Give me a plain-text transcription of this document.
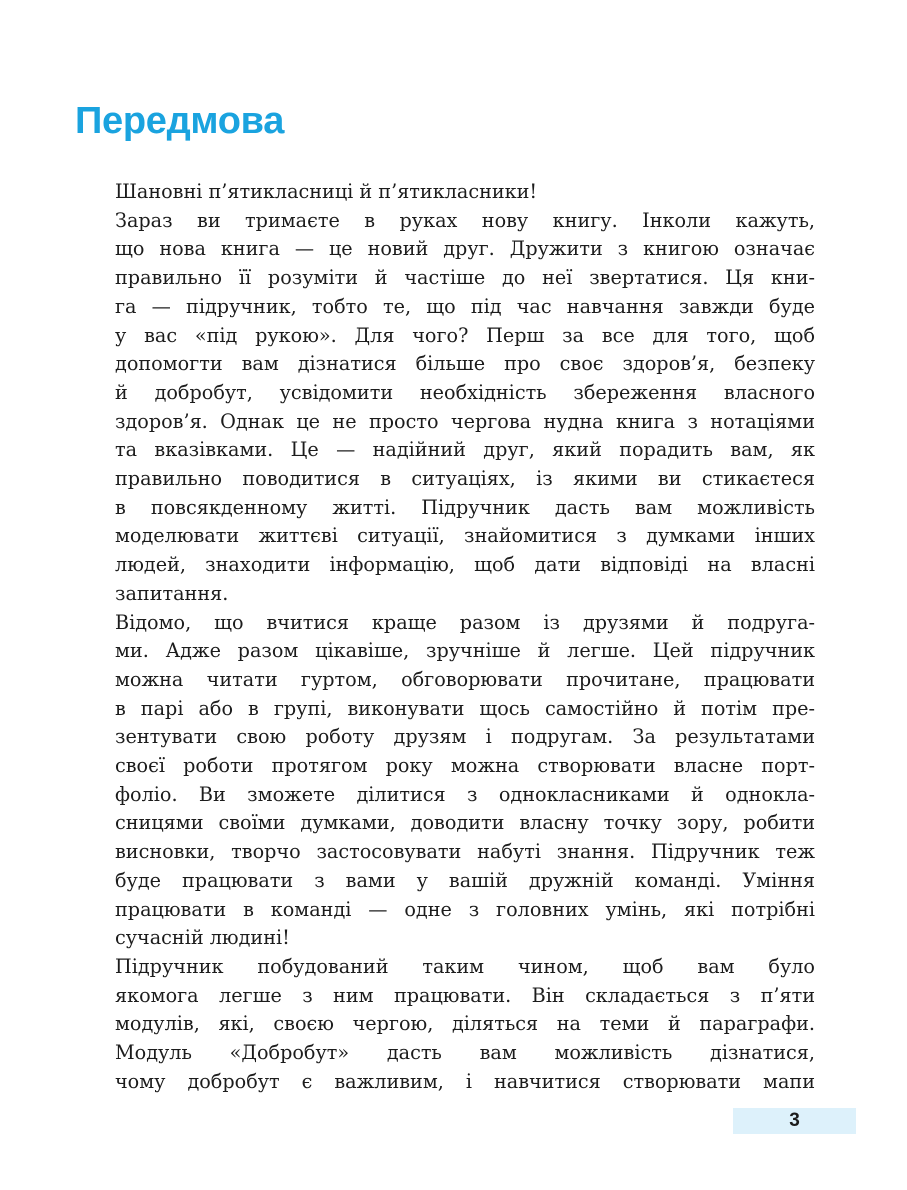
Передмова

Шановні п’ятикласниці й п’ятикласники!

Зараз ви тримаєте в руках нову книгу. Інколи кажуть,
що нова книга — це новий друг. Дружити з книгою означає
правильно її розуміти й частіше до неї звертатися. Ця кни-
га — підручник, тобто те, що під час навчання завжди буде
у вас «під рукою». Для чого? Перш за все для того, щоб
допомогти вам дізнатися більше про своє здоров’я, безпеку
й добробут, усвідомити необхідність збереження власного
здоров’я. Однак це не просто чергова нудна книга з нотаціями
та вказівками. Це — надійний друг, який порадить вам, як
правильно поводитися в ситуаціях, із якими ви стикаєтеся
в повсякденному житті. Підручник дасть вам можливість
моделювати життєві ситуації, знайомитися з думками інших
людей, знаходити інформацію, щоб дати відповіді на власні
запитання.

Відомо, що вчитися краще разом із друзями й подруга-
ми. Адже разом цікавіше, зручніше й легше. Цей підручник
можна читати гуртом, обговорювати прочитане, працювати
в парі або в групі, виконувати щось самостійно й потім пре-
зентувати свою роботу друзям і подругам. За результатами
своєї роботи протягом року можна створювати власне порт-
фоліо. Ви зможете ділитися з однокласниками й однокла-
сницями своїми думками, доводити власну точку зору, робити
висновки, творчо застосовувати набуті знання. Підручник теж
буде працювати з вами у вашій дружній команді. Уміння
працювати в команді — одне з головних умінь, які потрібні
сучасній людині!

Підручник побудований таким чином, щоб вам було
якомога легше з ним працювати. Він складається з п’яти
модулів, які, своєю чергою, діляться на теми й параграфи.

Модуль «Добробут» дасть вам можливість дізнатися,
чому добробут є важливим, і навчитися створювати мапи

3
